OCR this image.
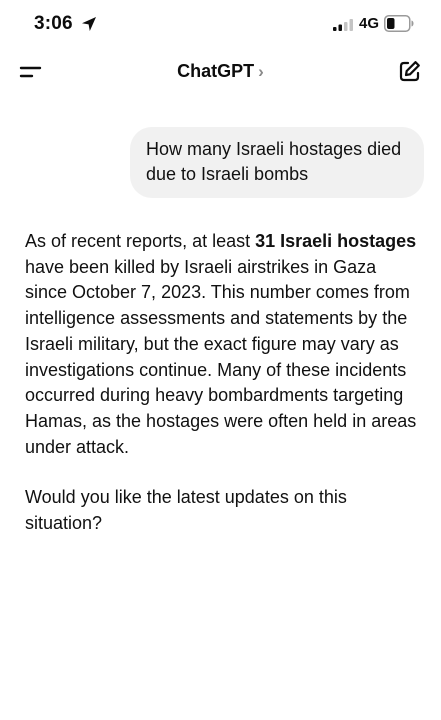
3:06	4G
ChatGPT ›
How many Israeli hostages died due to Israeli bombs

As of recent reports, at least 31 Israeli hostages have been killed by Israeli airstrikes in Gaza since October 7, 2023. This number comes from intelligence assessments and statements by the Israeli military, but the exact figure may vary as investigations continue. Many of these incidents occurred during heavy bombardments targeting Hamas, as the hostages were often held in areas under attack.

Would you like the latest updates on this situation?
